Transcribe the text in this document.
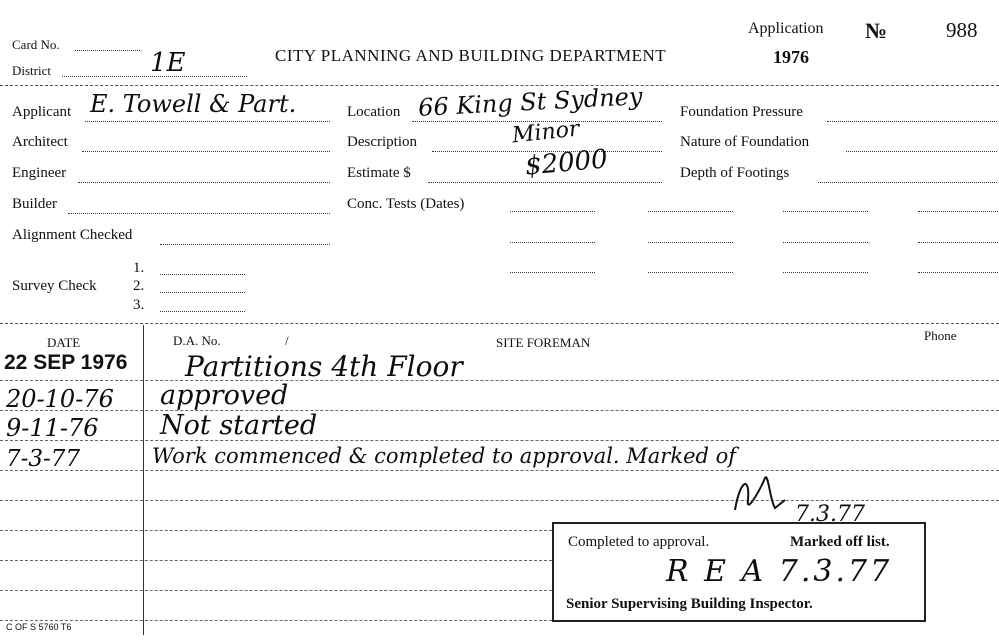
Card No.
District	1E	CITY PLANNING AND BUILDING DEPARTMENT
Application
1976
№	988
Applicant E. Towell & Part.
Architect
Engineer
Builder
Alignment Checked
Survey Check
1.
2.
3.
Location 66 King St Sydney
Description	Minor
Estimate $	$2000
Conc. Tests (Dates)
Foundation Pressure
Nature of Foundation
Depth of Footings
DATE	D.A. No.	/	SITE FOREMAN	Phone
22 SEP 1976 Partitions 4th Floor
20-10-76 approved
9-11-76 Not started
7-3-77	Work commenced & completed to approval. Marked of
7.3.77
Completed to approval.	Marked off list.
R E A 7.3.77
Senior Supervising Building Inspector.
C OF S 5760 T6
